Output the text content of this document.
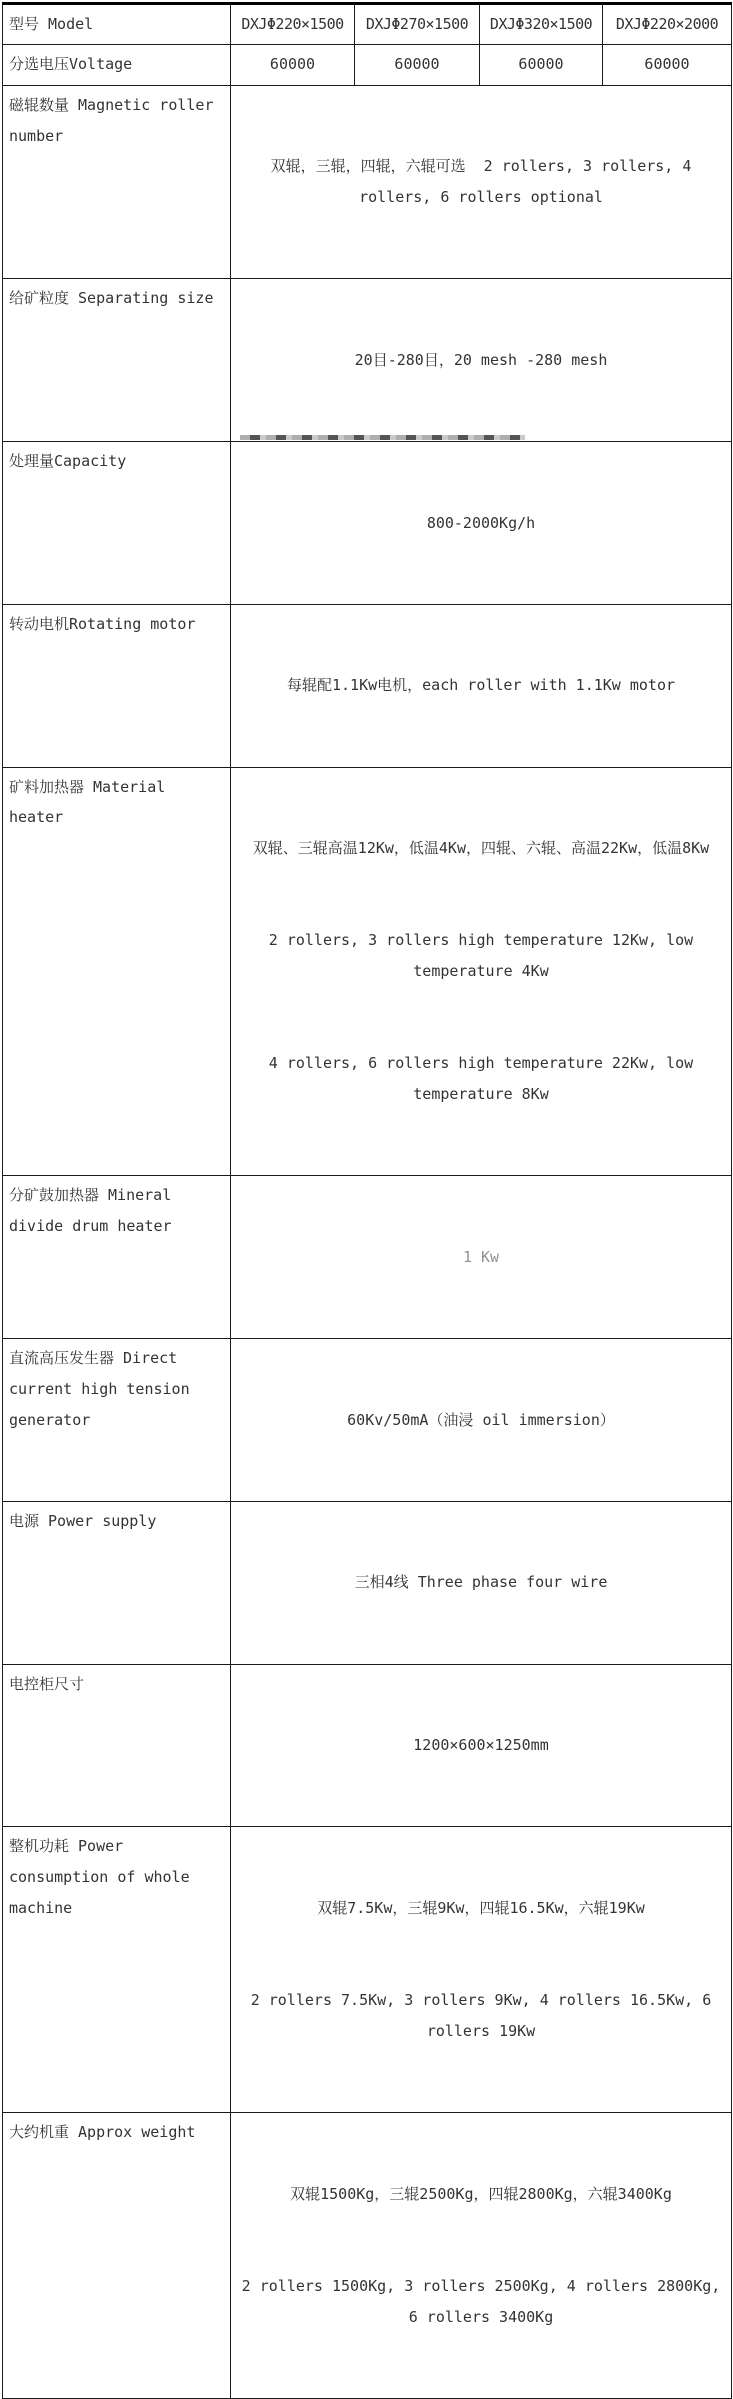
型号 Model	DXJΦ220×1500	DXJΦ270×1500	DXJΦ320×1500	DXJΦ220×2000
分选电压Voltage	60000	60000	60000	60000
磁辊数量 Magnetic roller number	双辊，三辊，四辊，六辊可选  2 rollers, 3 rollers, 4 rollers, 6 rollers optional			

给矿粒度 Separating size	20目-280目，20 mesh -280 mesh			

处理量Capacity	800-2000Kg/h			

转动电机Rotating motor	每辊配1.1Kw电机，each roller with 1.1Kw motor			

矿料加热器 Material heater	双辊、三辊高温12Kw，低温4Kw，四辊、六辊、高温22Kw，低温8Kw

2 rollers, 3 rollers high temperature 12Kw, low temperature 4Kw

4 rollers, 6 rollers high temperature 22Kw, low temperature 8Kw			

分矿鼓加热器 Mineral divide drum heater	1 Kw			

直流高压发生器 Direct current high tension generator	60Kv/50mA（油浸 oil immersion）			

电源 Power supply	三相4线 Three phase four wire			

电控柜尺寸	1200×600×1250mm			

整机功耗 Power consumption of whole machine	双辊7.5Kw，三辊9Kw，四辊16.5Kw，六辊19Kw

2 rollers 7.5Kw, 3 rollers 9Kw, 4 rollers 16.5Kw, 6 rollers 19Kw			

大约机重 Approx weight	双辊1500Kg，三辊2500Kg，四辊2800Kg，六辊3400Kg

2 rollers 1500Kg, 3 rollers 2500Kg, 4 rollers 2800Kg, 6 rollers 3400Kg			
